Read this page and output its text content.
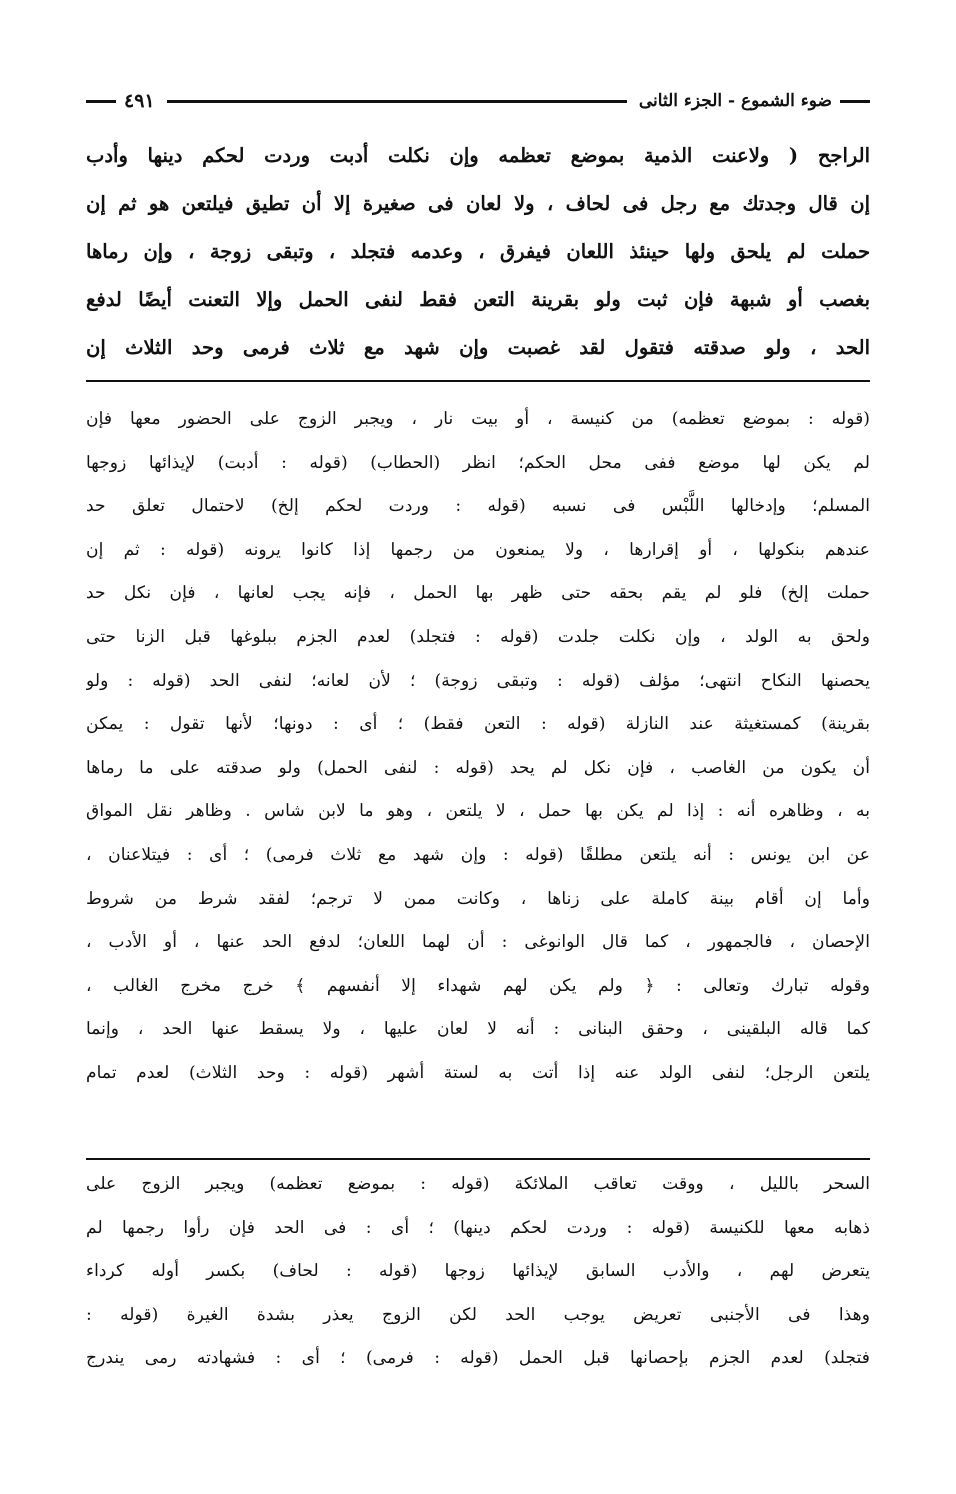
ضوء الشموع - الجزء الثانى
٤٩١
الراجح ( ولاعنت الذمية بموضع تعظمه وإن نكلت أدبت وردت لحكم دينها وأدب
إن قال وجدتك مع رجل فى لحاف ، ولا لعان فى صغيرة إلا أن تطيق فيلتعن هو ثم إن
حملت لم يلحق ولها حينئذ اللعان فيفرق ، وعدمه فتجلد ، وتبقى زوجة ، وإن رماها
بغصب أو شبهة فإن ثبت ولو بقرينة التعن فقط لنفى الحمل وإلا التعنت أيضًا لدفع
الحد ، ولو صدقته فتقول لقد غصبت وإن شهد مع ثلاث فرمى وحد الثلاث إن
(قوله : بموضع تعظمه) من كنيسة ، أو بيت نار ، ويجبر الزوج على الحضور معها فإن
لم يكن لها موضع ففى محل الحكم؛ انظر (الحطاب) (قوله : أدبت) لإيذائها زوجها
المسلم؛ وإدخالها اللَّبْس فى نسبه (قوله : وردت لحكم إلخ) لاحتمال تعلق حد
عندهم بنكولها ، أو إقرارها ، ولا يمنعون من رجمها إذا كانوا يرونه (قوله : ثم إن
حملت إلخ) فلو لم يقم بحقه حتى ظهر بها الحمل ، فإنه يجب لعانها ، فإن نكل حد
ولحق به الولد ، وإن نكلت جلدت (قوله : فتجلد) لعدم الجزم ببلوغها قبل الزنا حتى
يحصنها النكاح انتهى؛ مؤلف (قوله : وتبقى زوجة) ؛ لأن لعانه؛ لنفى الحد (قوله : ولو
بقرينة) كمستغيثة عند النازلة (قوله : التعن فقط) ؛ أى : دونها؛ لأنها تقول : يمكن
أن يكون من الغاصب ، فإن نكل لم يحد (قوله : لنفى الحمل) ولو صدقته على ما رماها
به ، وظاهره أنه : إذا لم يكن بها حمل ، لا يلتعن ، وهو ما لابن شاس . وظاهر نقل المواق
عن ابن يونس : أنه يلتعن مطلقًا (قوله : وإن شهد مع ثلاث فرمى) ؛ أى : فيتلاعنان ،
وأما إن أقام بينة كاملة على زناها ، وكانت ممن لا ترجم؛ لفقد شرط من شروط
الإحصان ، فالجمهور ، كما قال الوانوغى : أن لهما اللعان؛ لدفع الحد عنها ، أو الأدب ،
وقوله تبارك وتعالى : ﴿ ولم يكن لهم شهداء إلا أنفسهم ﴾ خرج مخرج الغالب ،
كما قاله البلقينى ، وحقق البنانى : أنه لا لعان عليها ، ولا يسقط عنها الحد ، وإنما
يلتعن الرجل؛ لنفى الولد عنه إذا أتت به لستة أشهر (قوله : وحد الثلاث) لعدم تمام
السحر بالليل ، ووقت تعاقب الملائكة (قوله : بموضع تعظمه) ويجبر الزوج على
ذهابه معها للكنيسة (قوله : وردت لحكم دينها) ؛ أى : فى الحد فإن رأوا رجمها لم
يتعرض لهم ، والأدب السابق لإيذائها زوجها (قوله : لحاف) بكسر أوله كرداء
وهذا فى الأجنبى تعريض يوجب الحد لكن الزوج يعذر بشدة الغيرة (قوله :
فتجلد) لعدم الجزم بإحصانها قبل الحمل (قوله : فرمى) ؛ أى : فشهادته رمى يندرج
